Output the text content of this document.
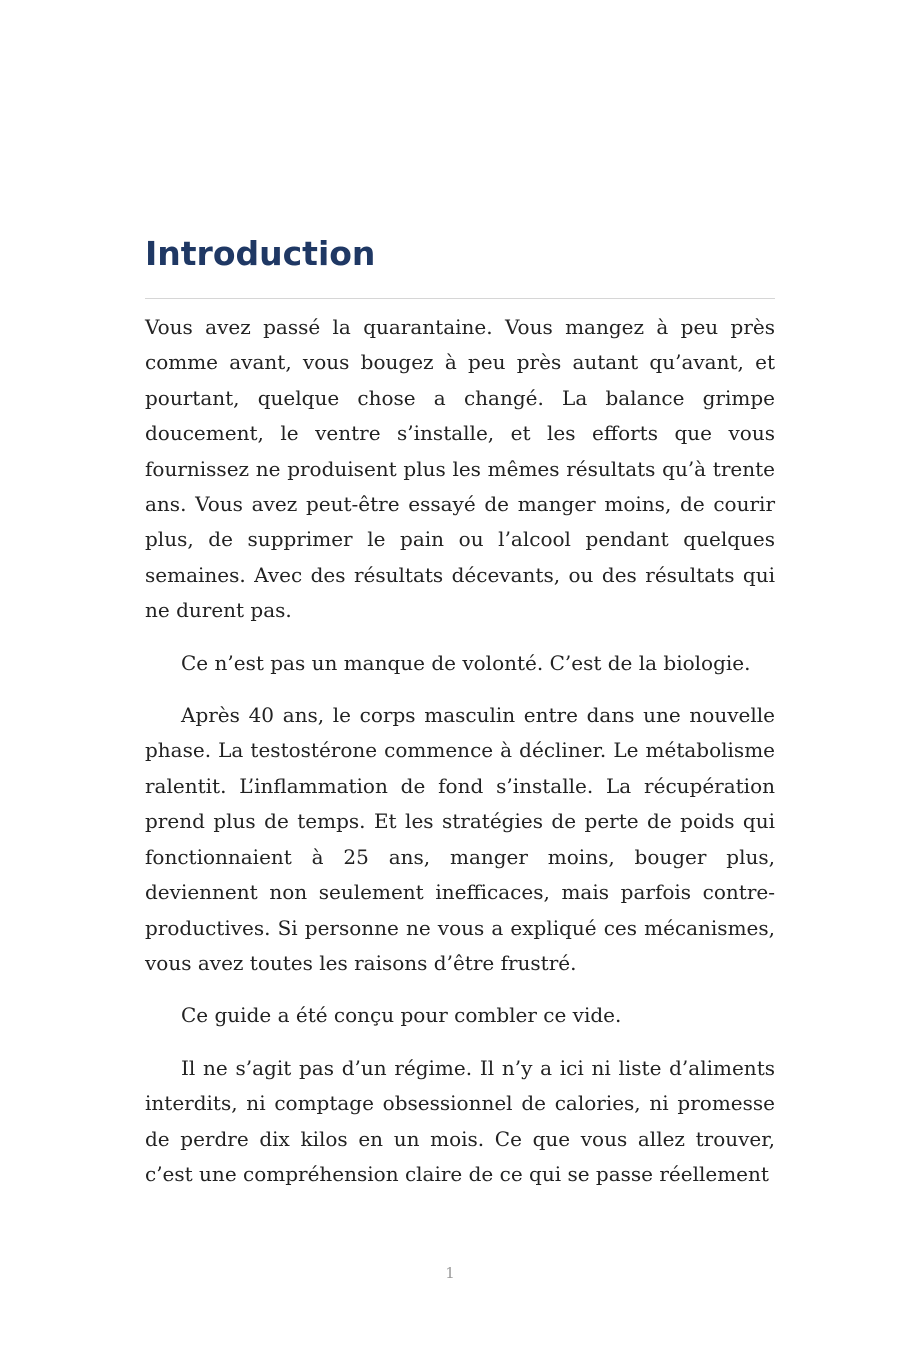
Introduction

Vous avez passé la quarantaine. Vous mangez à peu près comme avant, vous bougez à peu près autant qu’avant, et pourtant, quelque chose a changé. La balance grimpe doucement, le ventre s’installe, et les efforts que vous fournissez ne produisent plus les mêmes résultats qu’à trente ans. Vous avez peut-être essayé de manger moins, de courir plus, de supprimer le pain ou l’alcool pendant quelques semaines. Avec des résultats décevants, ou des résultats qui ne durent pas.

Ce n’est pas un manque de volonté. C’est de la biologie.

Après 40 ans, le corps masculin entre dans une nouvelle phase. La testostérone commence à décliner. Le métabolisme ralentit. L’inflammation de fond s’installe. La récupération prend plus de temps. Et les stratégies de perte de poids qui fonctionnaient à 25 ans, manger moins, bouger plus, deviennent non seulement inefficaces, mais parfois contre-productives. Si personne ne vous a expliqué ces mécanismes, vous avez toutes les raisons d’être frustré.

Ce guide a été conçu pour combler ce vide.

Il ne s’agit pas d’un régime. Il n’y a ici ni liste d’aliments interdits, ni comptage obsessionnel de calories, ni promesse de perdre dix kilos en un mois. Ce que vous allez trouver, c’est une compréhension claire de ce qui se passe réellement

1
